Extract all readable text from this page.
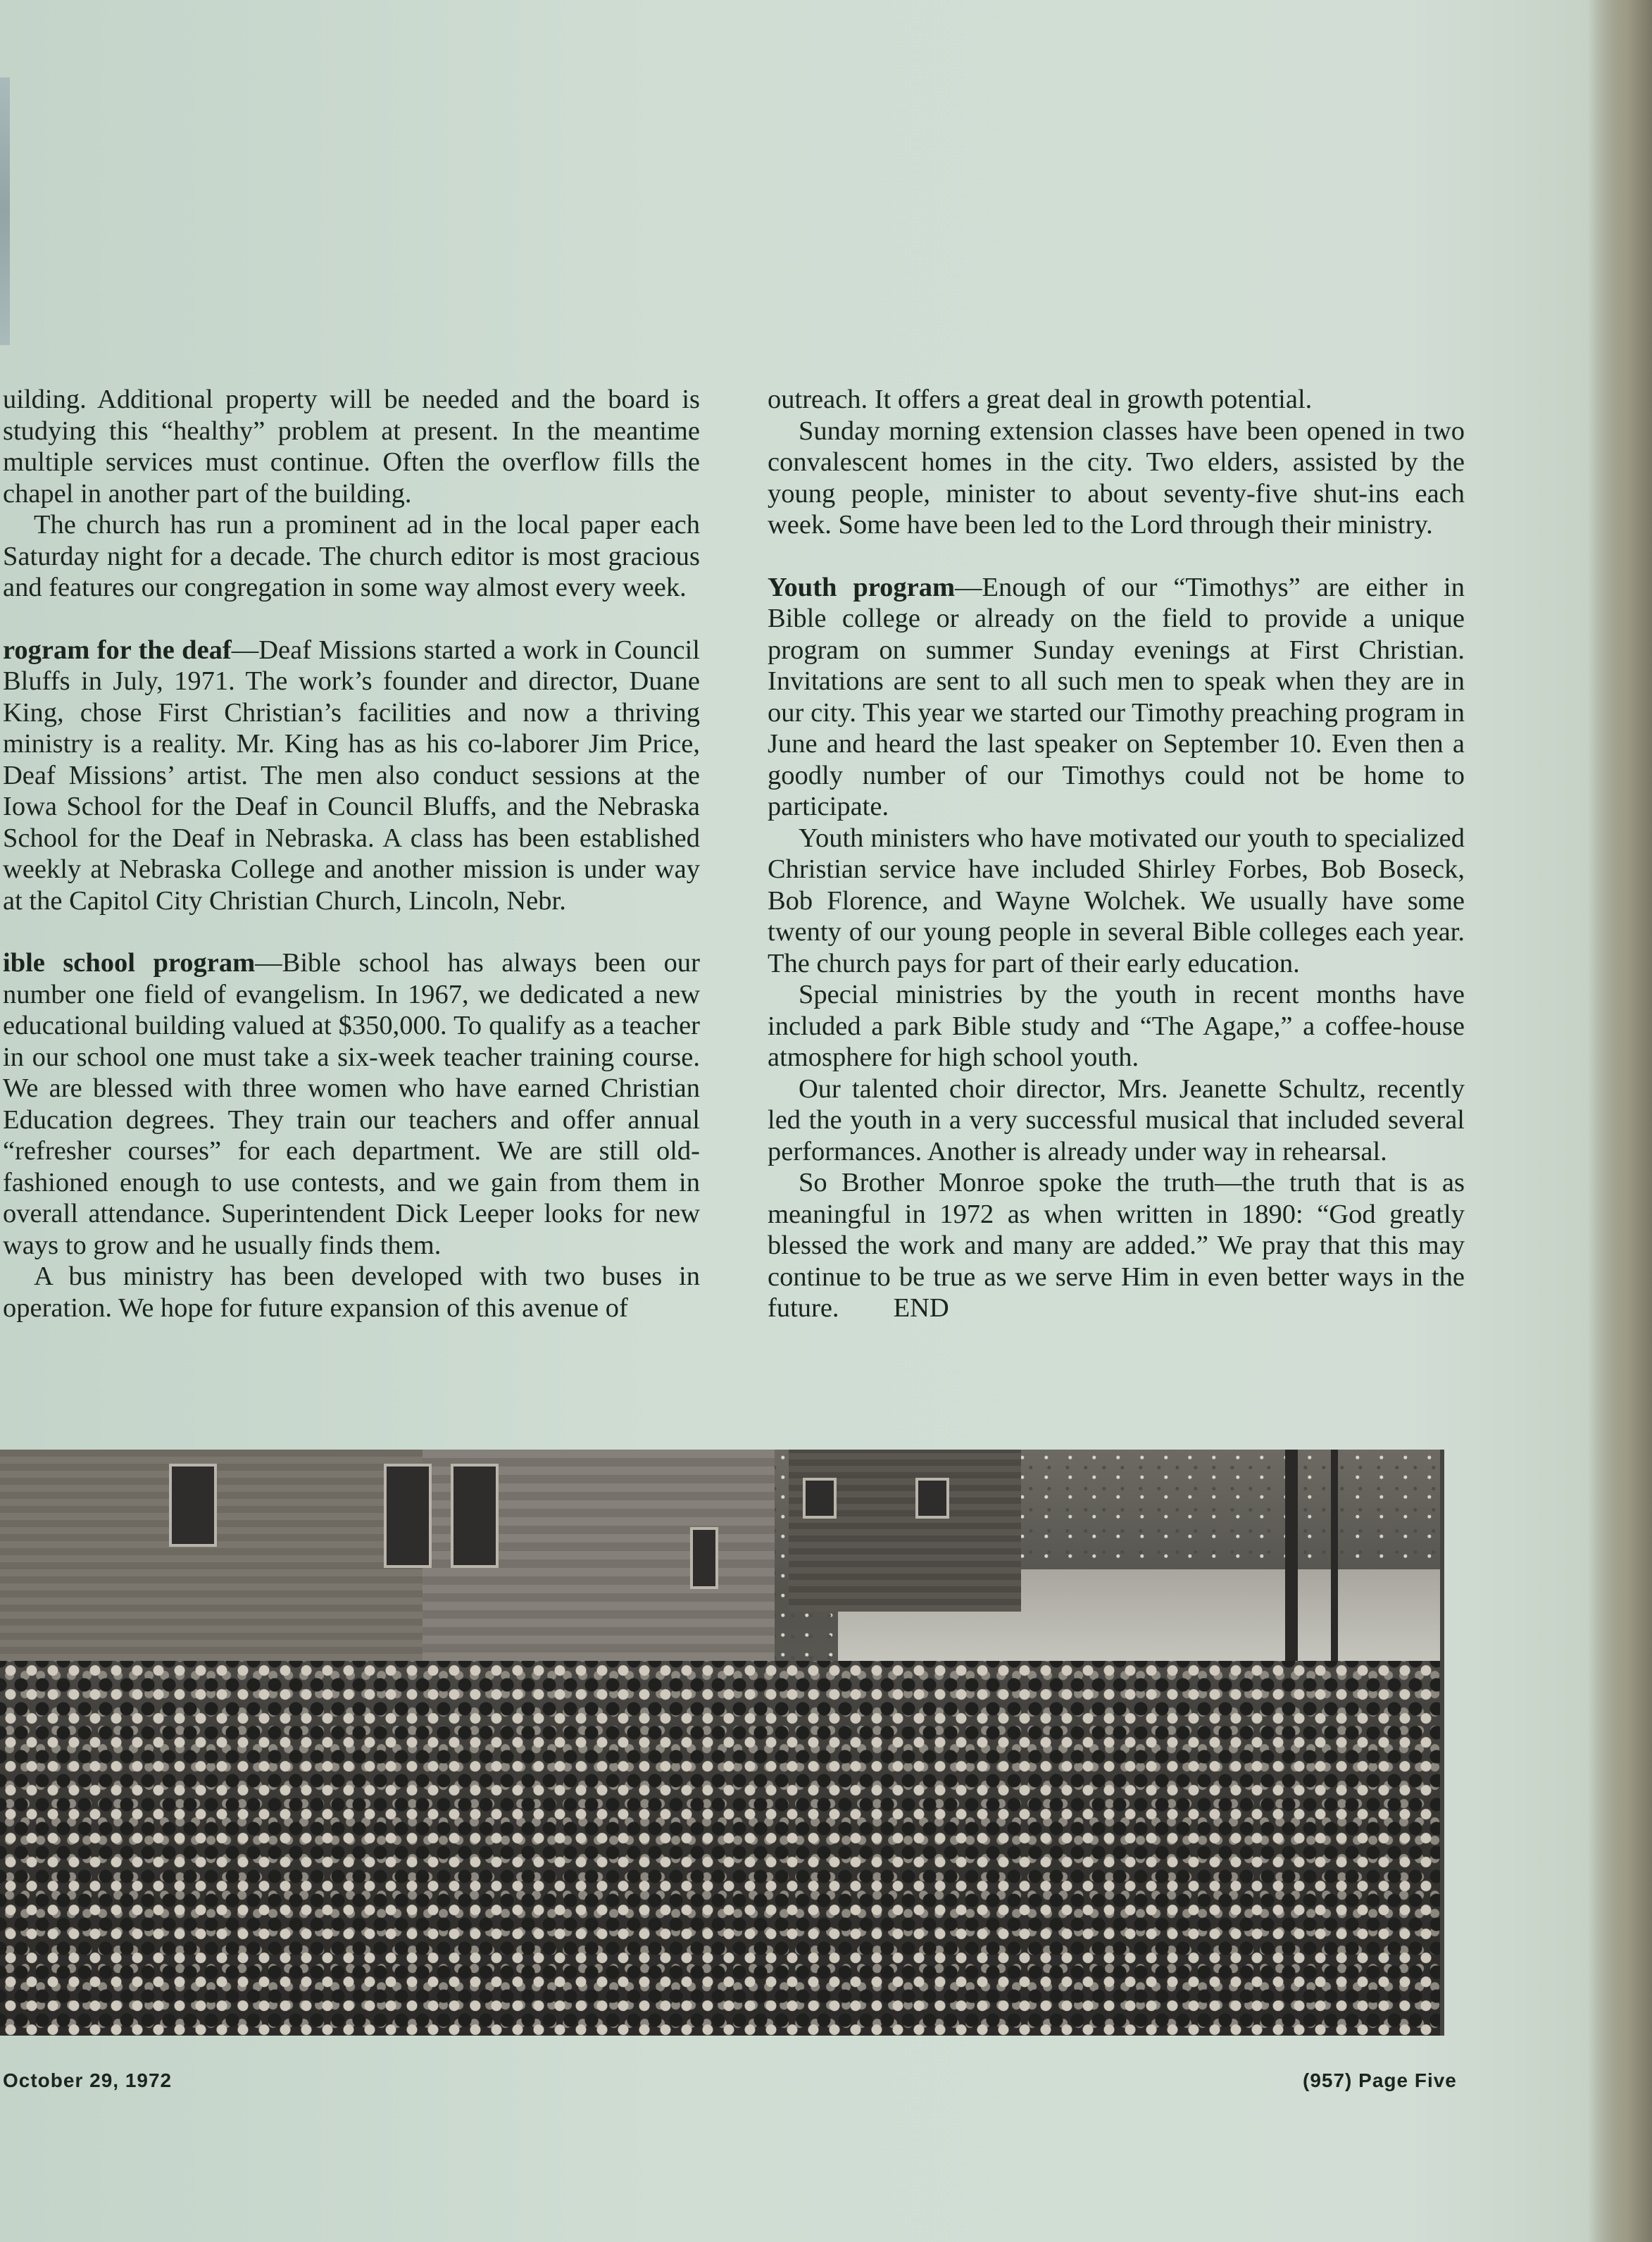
uilding. Additional property will be needed and the board is studying this “healthy” problem at present. In the meantime multiple services must continue. Often the overflow fills the chapel in another part of the building.

The church has run a prominent ad in the local paper each Saturday night for a decade. The church editor is most gracious and features our congregation in some way almost every week.

rogram for the deaf—Deaf Missions started a work in Council Bluffs in July, 1971. The work’s founder and director, Duane King, chose First Christian’s facilities and now a thriving ministry is a reality. Mr. King has as his co-laborer Jim Price, Deaf Missions’ artist. The men also conduct sessions at the Iowa School for the Deaf in Council Bluffs, and the Nebraska School for the Deaf in Nebraska. A class has been established weekly at Nebraska College and another mission is under way at the Capitol City Christian Church, Lincoln, Nebr.

ible school program—Bible school has always been our number one field of evangelism. In 1967, we dedicated a new educational building valued at $350,000. To qualify as a teacher in our school one must take a six-week teacher training course. We are blessed with three women who have earned Christian Education degrees. They train our teachers and offer annual “refresher courses” for each department. We are still old-fashioned enough to use contests, and we gain from them in overall attendance. Superintendent Dick Leeper looks for new ways to grow and he usually finds them.

A bus ministry has been developed with two buses in operation. We hope for future expansion of this avenue of

outreach. It offers a great deal in growth potential.

Sunday morning extension classes have been opened in two convalescent homes in the city. Two elders, assisted by the young people, minister to about seventy-five shut-ins each week. Some have been led to the Lord through their ministry.

Youth program—Enough of our “Timothys” are either in Bible college or already on the field to provide a unique program on summer Sunday evenings at First Christian. Invitations are sent to all such men to speak when they are in our city. This year we started our Timothy preaching program in June and heard the last speaker on September 10. Even then a goodly number of our Timothys could not be home to participate.

Youth ministers who have motivated our youth to specialized Christian service have included Shirley Forbes, Bob Boseck, Bob Florence, and Wayne Wolchek. We usually have some twenty of our young people in several Bible colleges each year. The church pays for part of their early education.

Special ministries by the youth in recent months have included a park Bible study and “The Agape,” a coffee-house atmosphere for high school youth.

Our talented choir director, Mrs. Jeanette Schultz, recently led the youth in a very successful musical that included several performances. Another is already under way in rehearsal.

So Brother Monroe spoke the truth—the truth that is as meaningful in 1972 as when written in 1890: “God greatly blessed the work and many are added.” We pray that this may continue to be true as we serve Him in even better ways in the future. END

October 29, 1972	(957) Page Five
